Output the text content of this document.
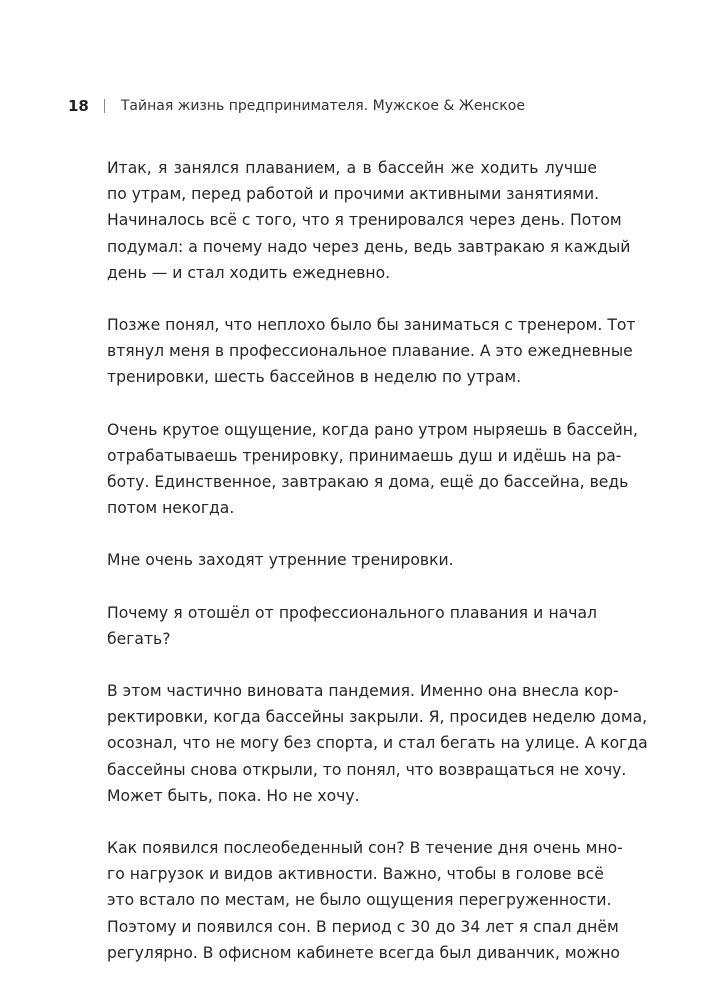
18 Тайная жизнь предпринимателя. Мужское & Женское

Итак, я занялся плаванием, а в бассейн же ходить лучше
по утрам, перед работой и прочими активными занятиями.
Начиналось всё с того, что я тренировался через день. Потом
подумал: а почему надо через день, ведь завтракаю я каждый
день — и стал ходить ежедневно.

Позже понял, что неплохо было бы заниматься с тренером. Тот
втянул меня в профессиональное плавание. А это ежедневные
тренировки, шесть бассейнов в неделю по утрам.

Очень крутое ощущение, когда рано утром ныряешь в бассейн,
отрабатываешь тренировку, принимаешь душ и идёшь на ра-
боту. Единственное, завтракаю я дома, ещё до бассейна, ведь
потом некогда.

Мне очень заходят утренние тренировки.

Почему я отошёл от профессионального плавания и начал
бегать?

В этом частично виновата пандемия. Именно она внесла кор-
ректировки, когда бассейны закрыли. Я, просидев неделю дома,
осознал, что не могу без спорта, и стал бегать на улице. А когда
бассейны снова открыли, то понял, что возвращаться не хочу.
Может быть, пока. Но не хочу.

Как появился послеобеденный сон? В течение дня очень мно-
го нагрузок и видов активности. Важно, чтобы в голове всё
это встало по местам, не было ощущения перегруженности.
Поэтому и появился сон. В период с 30 до 34 лет я спал днём
регулярно. В офисном кабинете всегда был диванчик, можно
